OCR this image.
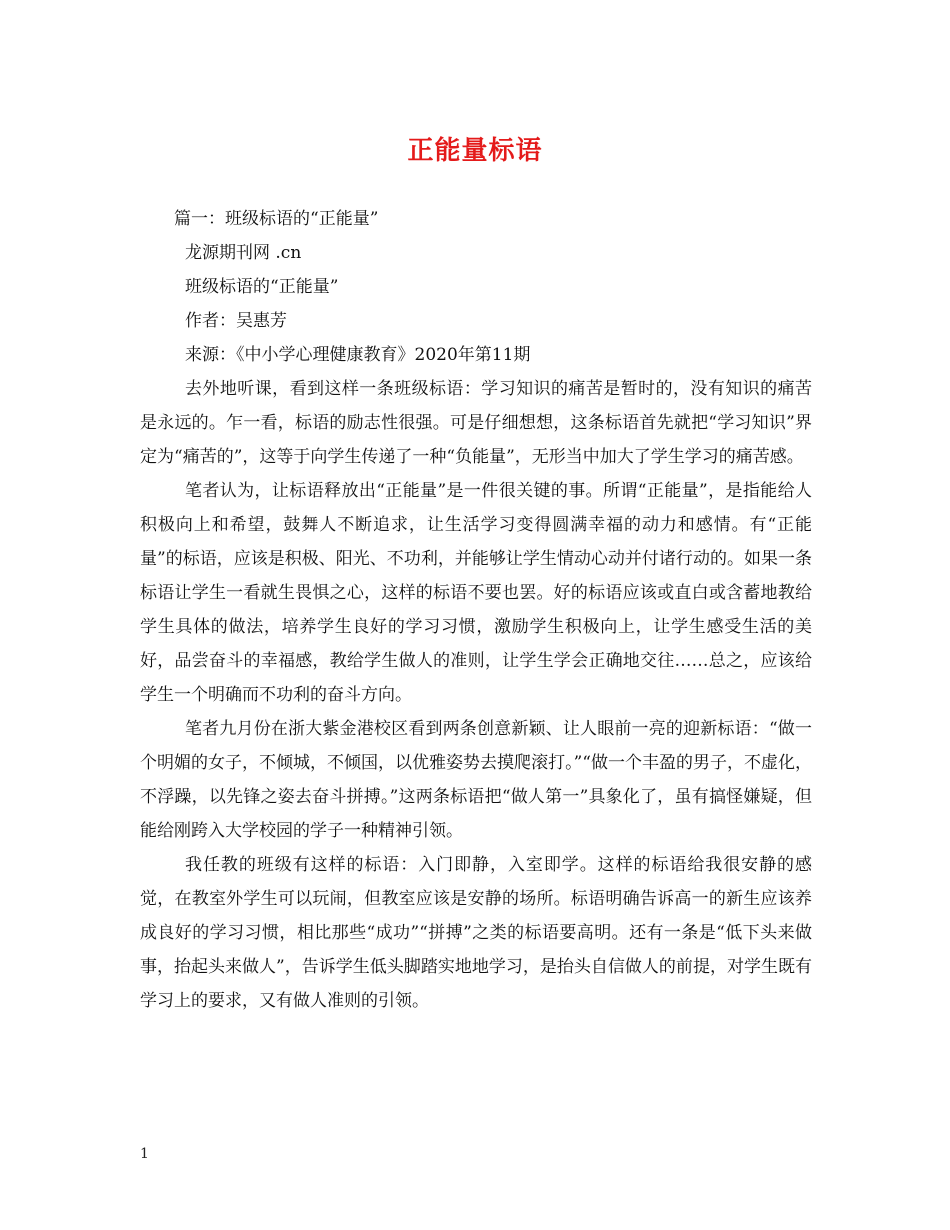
正能量标语

篇一：班级标语的“正能量”

龙源期刊网 .cn

班级标语的“正能量”

作者：吴惠芳

来源：《中小学心理健康教育》2020年第11期

去外地听课，看到这样一条班级标语：学习知识的痛苦是暂时的，没有知识的痛苦是永远的。乍一看，标语的励志性很强。可是仔细想想，这条标语首先就把“学习知识”界定为“痛苦的”，这等于向学生传递了一种“负能量”，无形当中加大了学生学习的痛苦感。

笔者认为，让标语释放出“正能量”是一件很关键的事。所谓“正能量”，是指能给人积极向上和希望，鼓舞人不断追求，让生活学习变得圆满幸福的动力和感情。有“正能量”的标语，应该是积极、阳光、不功利，并能够让学生情动心动并付诸行动的。如果一条标语让学生一看就生畏惧之心，这样的标语不要也罢。好的标语应该或直白或含蓄地教给学生具体的做法，培养学生良好的学习习惯，激励学生积极向上，让学生感受生活的美好，品尝奋斗的幸福感，教给学生做人的准则，让学生学会正确地交往……总之，应该给学生一个明确而不功利的奋斗方向。

笔者九月份在浙大紫金港校区看到两条创意新颖、让人眼前一亮的迎新标语：“做一个明媚的女子，不倾城，不倾国，以优雅姿势去摸爬滚打。”“做一个丰盈的男子，不虚化，不浮躁，以先锋之姿去奋斗拼搏。”这两条标语把“做人第一”具象化了，虽有搞怪嫌疑，但能给刚跨入大学校园的学子一种精神引领。

我任教的班级有这样的标语：入门即静，入室即学。这样的标语给我很安静的感觉，在教室外学生可以玩闹，但教室应该是安静的场所。标语明确告诉高一的新生应该养成良好的学习习惯，相比那些“成功”“拼搏”之类的标语要高明。还有一条是“低下头来做事，抬起头来做人”，告诉学生低头脚踏实地地学习，是抬头自信做人的前提，对学生既有学习上的要求，又有做人准则的引领。

1
